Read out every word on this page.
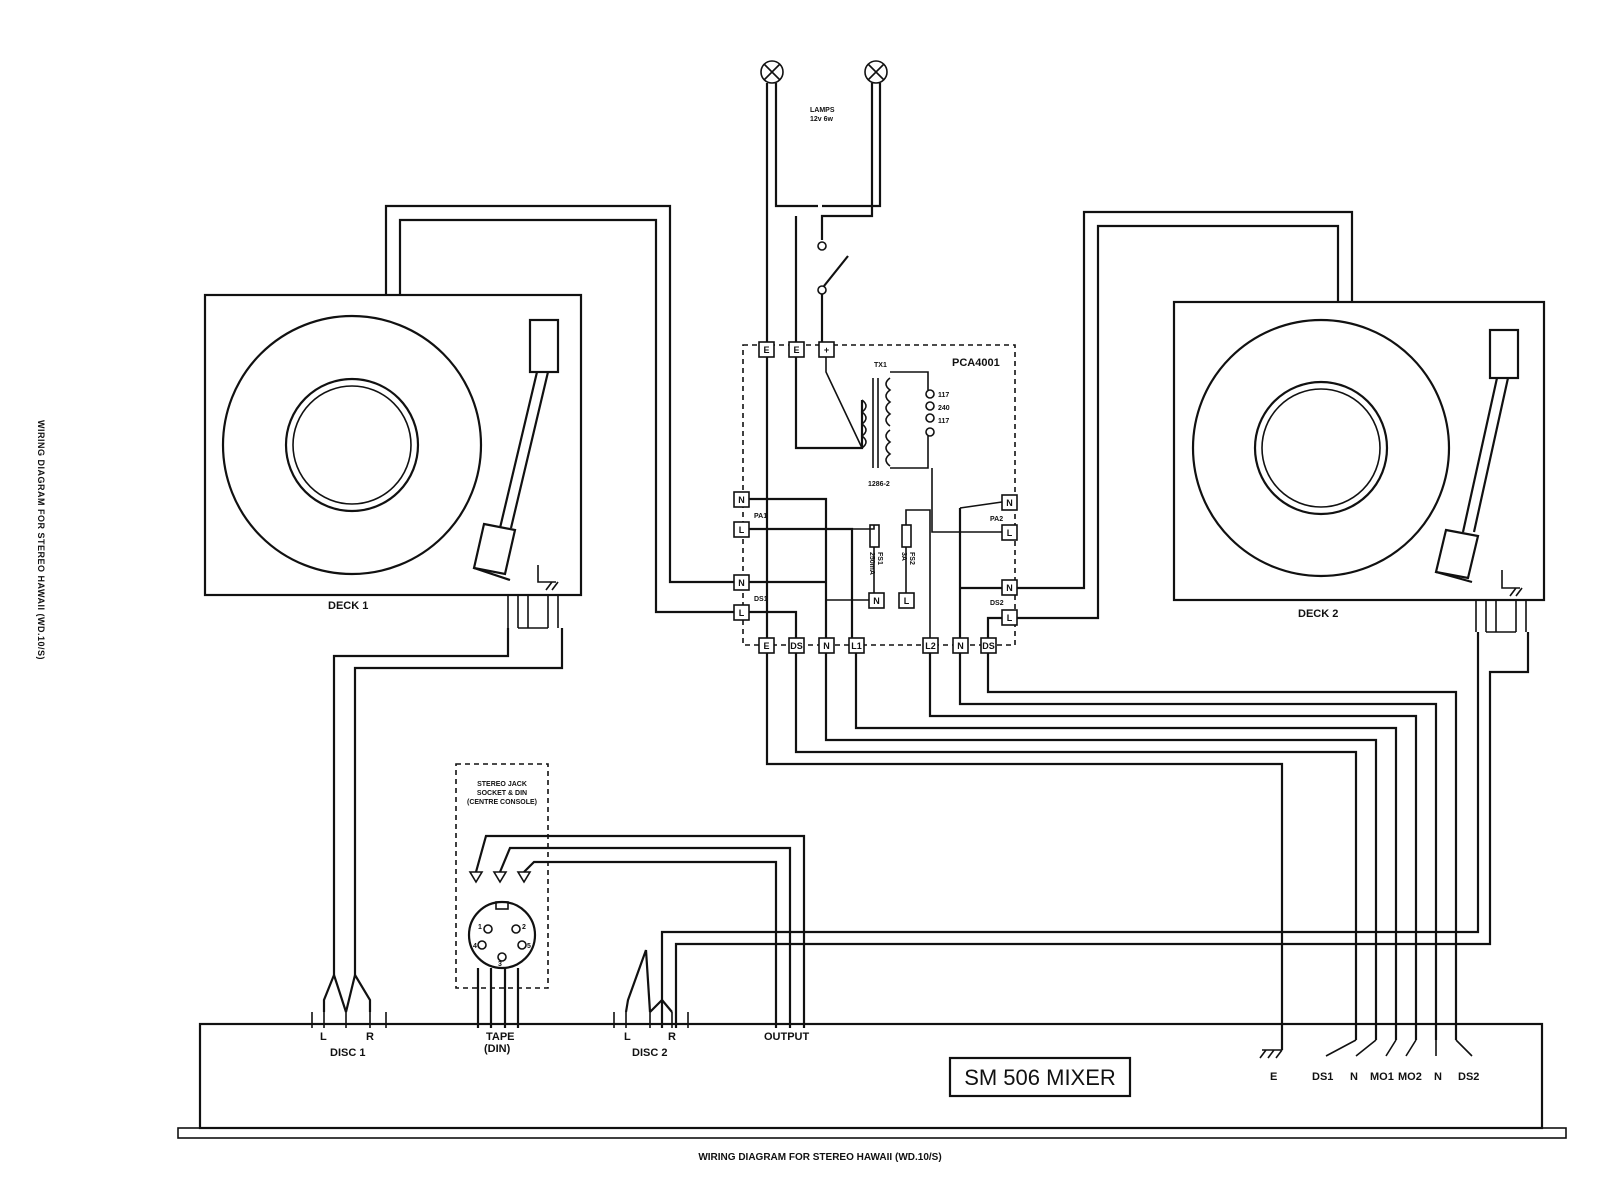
WIRING DIAGRAM FOR STEREO HAWAII (WD.10/S)
LAMPS
12v 6w
PCA4001
E	E	+
TX1
1286-2
117
240
117
FS1
250mA	FS2
3A
N
L
PA1
N
L
DS1
N
L
PA2
N
L
DS2
N	L
E DS N L1	L2 N DS
DECK 1
DECK 2
STEREO JACK
SOCKET & DIN
(CENTRE CONSOLE)
1	2
3
4	5
L	R
DISC 1
TAPE
(DIN)
L	R
DISC 2
OUTPUT
SM 506 MIXER	E	DS1 N MO1 MO2 N DS2
WIRING DIAGRAM FOR STEREO HAWAII (WD.10/S)
